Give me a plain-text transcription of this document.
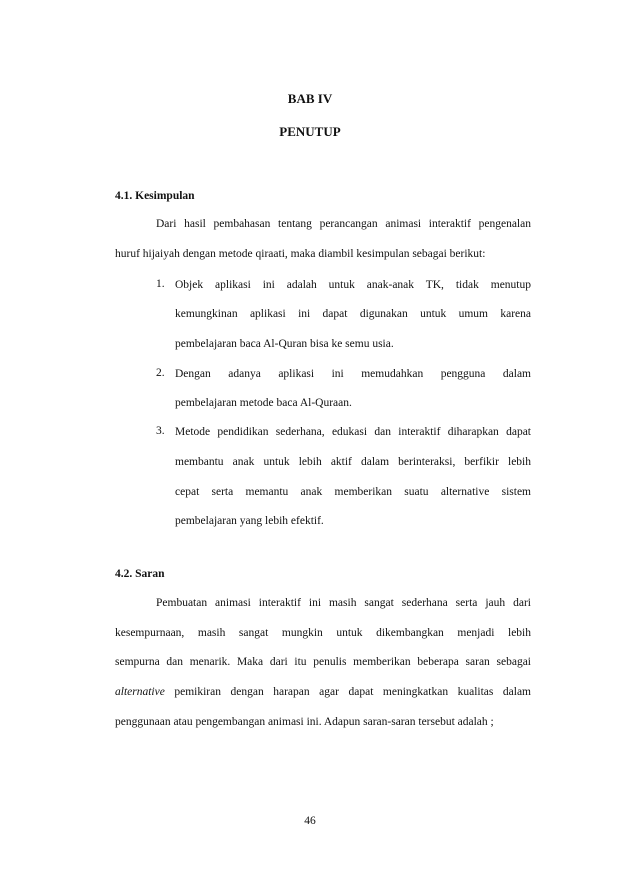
BAB IV
PENUTUP
4.1. Kesimpulan
Dari hasil pembahasan tentang perancangan animasi interaktif pengenalan
huruf hijaiyah dengan metode qiraati, maka diambil kesimpulan sebagai berikut:
1. Objek aplikasi ini adalah untuk anak-anak TK, tidak menutup
kemungkinan aplikasi ini dapat digunakan untuk umum karena
pembelajaran baca Al-Quran bisa ke semu usia.
2. Dengan adanya aplikasi ini memudahkan pengguna dalam
pembelajaran metode baca Al-Quraan.
3. Metode pendidikan sederhana, edukasi dan interaktif diharapkan dapat
membantu anak untuk lebih aktif dalam berinteraksi, berfikir lebih
cepat serta memantu anak memberikan suatu alternative sistem
pembelajaran yang lebih efektif.
4.2. Saran
Pembuatan animasi interaktif ini masih sangat sederhana serta jauh dari
kesempurnaan, masih sangat mungkin untuk dikembangkan menjadi lebih
sempurna dan menarik. Maka dari itu penulis memberikan beberapa saran sebagai
alternative pemikiran dengan harapan agar dapat meningkatkan kualitas dalam
penggunaan atau pengembangan animasi ini. Adapun saran-saran tersebut adalah ;
46
